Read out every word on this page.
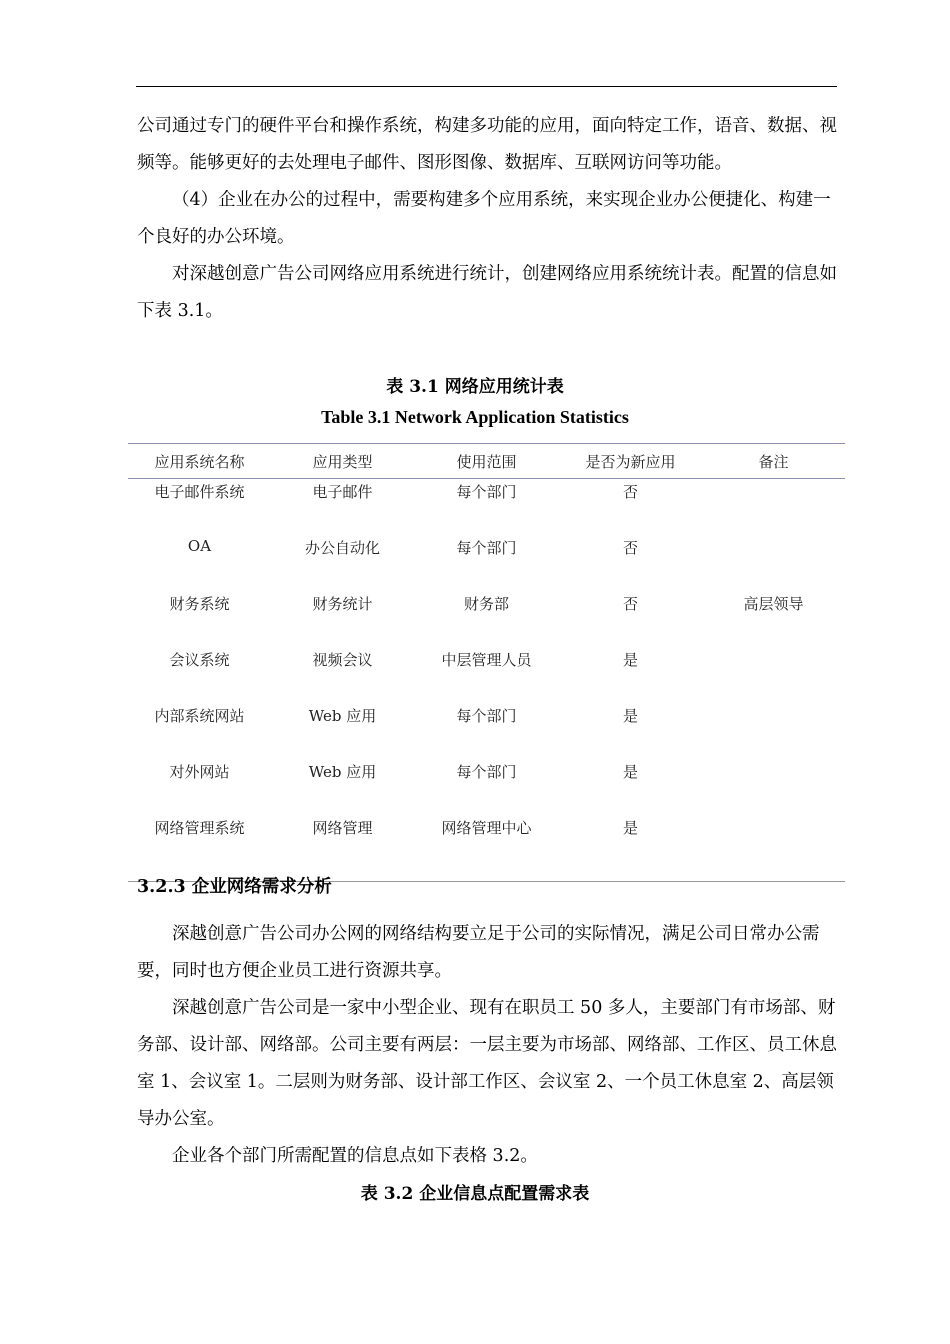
公司通过专门的硬件平台和操作系统，构建多功能的应用，面向特定工作，语音、数据、视频等。能够更好的去处理电子邮件、图形图像、数据库、互联网访问等功能。

（4）企业在办公的过程中，需要构建多个应用系统，来实现企业办公便捷化、构建一个良好的办公环境。

对深越创意广告公司网络应用系统进行统计，创建网络应用系统统计表。配置的信息如下表 3.1。

表 3.1 网络应用统计表
Table 3.1 Network Application Statistics
应用系统名称	应用类型	使用范围	是否为新应用	备注
电子邮件系统	电子邮件	每个部门	否	
OA	办公自动化	每个部门	否	
财务系统	财务统计	财务部	否	高层领导
会议系统	视频会议	中层管理人员	是	
内部系统网站	Web 应用	每个部门	是	
对外网站	Web 应用	每个部门	是	
网络管理系统	网络管理	网络管理中心	是	
3.2.3 企业网络需求分析

深越创意广告公司办公网的网络结构要立足于公司的实际情况，满足公司日常办公需要，同时也方便企业员工进行资源共享。

深越创意广告公司是一家中小型企业、现有在职员工 50 多人，主要部门有市场部、财务部、设计部、网络部。公司主要有两层：一层主要为市场部、网络部、工作区、员工休息室 1、会议室 1。二层则为财务部、设计部工作区、会议室 2、一个员工休息室 2、高层领导办公室。

企业各个部门所需配置的信息点如下表格 3.2。

表 3.2 企业信息点配置需求表
